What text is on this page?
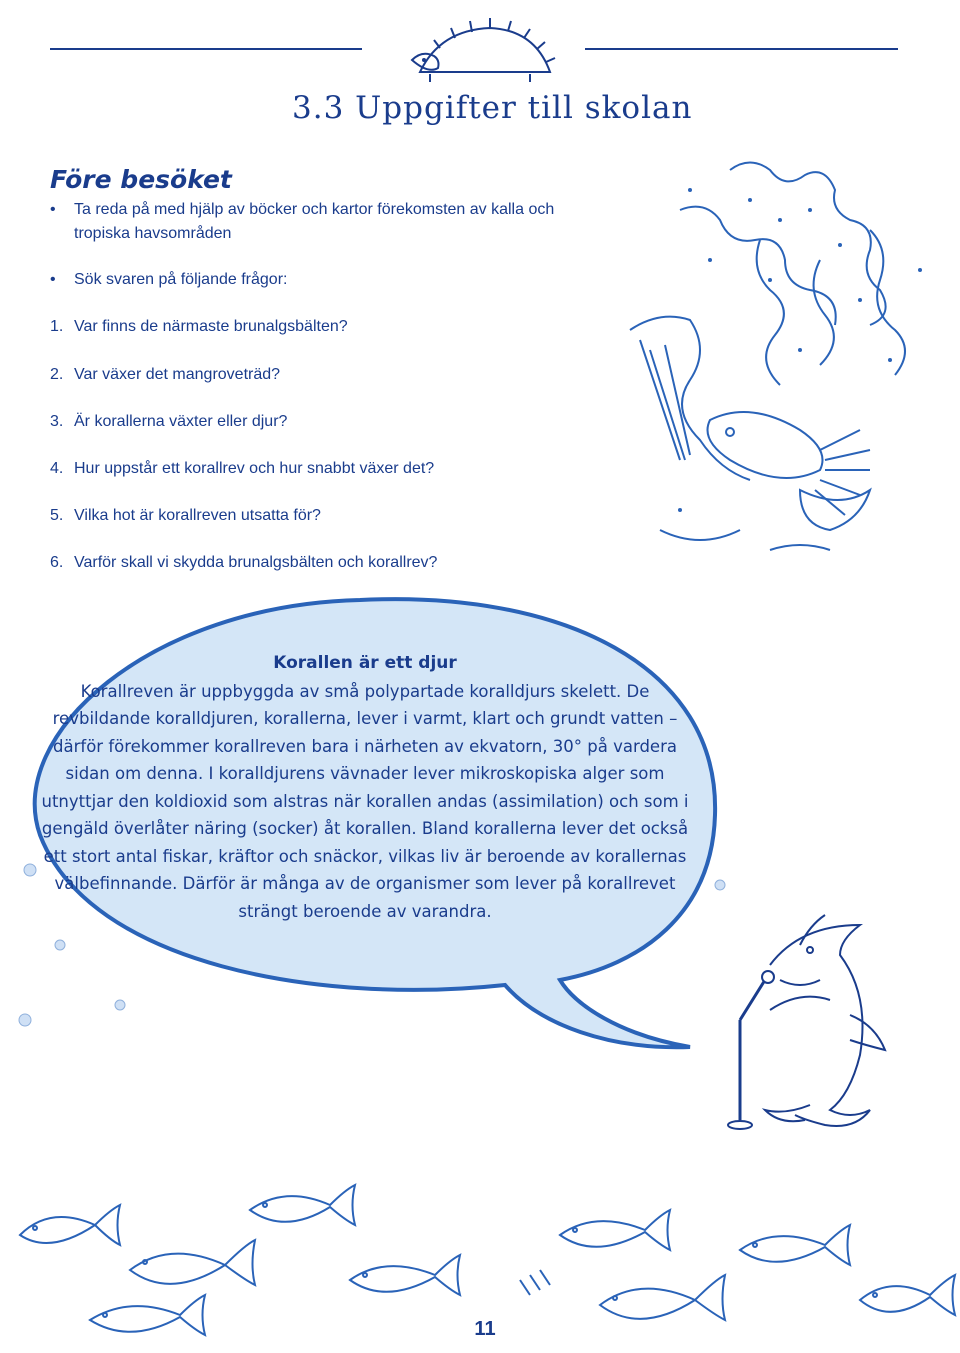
3.3 Uppgifter till skolan
Före besöket
• Ta reda på med hjälp av böcker och kartor förekomsten av kalla och tropiska havsområden
• Sök svaren på följande frågor:
1. Var finns de närmaste brunalgsbälten?
2. Var växer det mangroveträd?
3. Är korallerna växter eller djur?
4. Hur uppstår ett korallrev och hur snabbt växer det?
5. Vilka hot är korallreven utsatta för?
6. Varför skall vi skydda brunalgsbälten och korallrev?
Korallen är ett djur
Korallreven är uppbyggda av små polypartade koralldjurs skelett. De revbildande koralldjuren, korallerna, lever i varmt, klart och grundt vatten – därför förekommer korallreven bara i närheten av ekvatorn, 30° på vardera sidan om denna. I koralldjurens vävnader lever mikroskopiska alger som utnyttjar den koldioxid som alstras när korallen andas (assimilation) och som i gengäld överlåter näring (socker) åt korallen. Bland korallerna lever det också ett stort antal fiskar, kräftor och snäckor, vilkas liv är beroende av korallernas välbefinnande. Därför är många av de organismer som lever på korallrevet strängt beroende av varandra.
11
